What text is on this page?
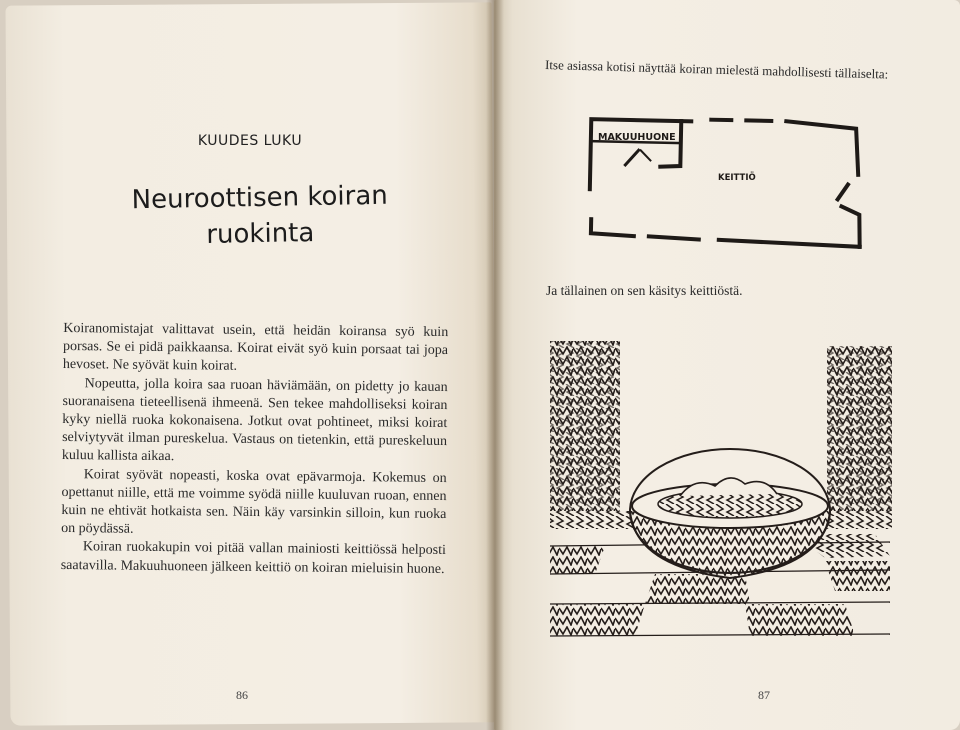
KUUDES LUKU
Neuroottisen koiran
ruokinta

Koiranomistajat valittavat usein, että heidän koiransa syö kuin porsas. Se ei pidä paikkaansa. Koirat eivät syö kuin porsaat tai jopa hevoset. Ne syövät kuin koirat.

Nopeutta, jolla koira saa ruoan häviämään, on pidetty jo kauan suoranaisena tieteellisenä ihmeenä. Sen tekee mahdolliseksi koiran kyky niellä ruoka kokonaisena. Jotkut ovat pohtineet, miksi koirat selviytyvät ilman pureskelua. Vastaus on tietenkin, että pureskeluun kuluu kallista aikaa.

Koirat syövät nopeasti, koska ovat epävarmoja. Kokemus on opettanut niille, että me voimme syödä niille kuuluvan ruoan, ennen kuin ne ehtivät hotkaista sen. Näin käy varsinkin silloin, kun ruoka on pöydässä.

Koiran ruokakupin voi pitää vallan mainiosti keittiössä helposti saatavilla. Makuuhuoneen jälkeen keittiö on koiran mieluisin huone.

86
Itse asiassa kotisi näyttää koiran mielestä mahdollisesti tällaiselta:
MAKUUHUONE
KEITTIÖ
Ja tällainen on sen käsitys keittiöstä.
87
